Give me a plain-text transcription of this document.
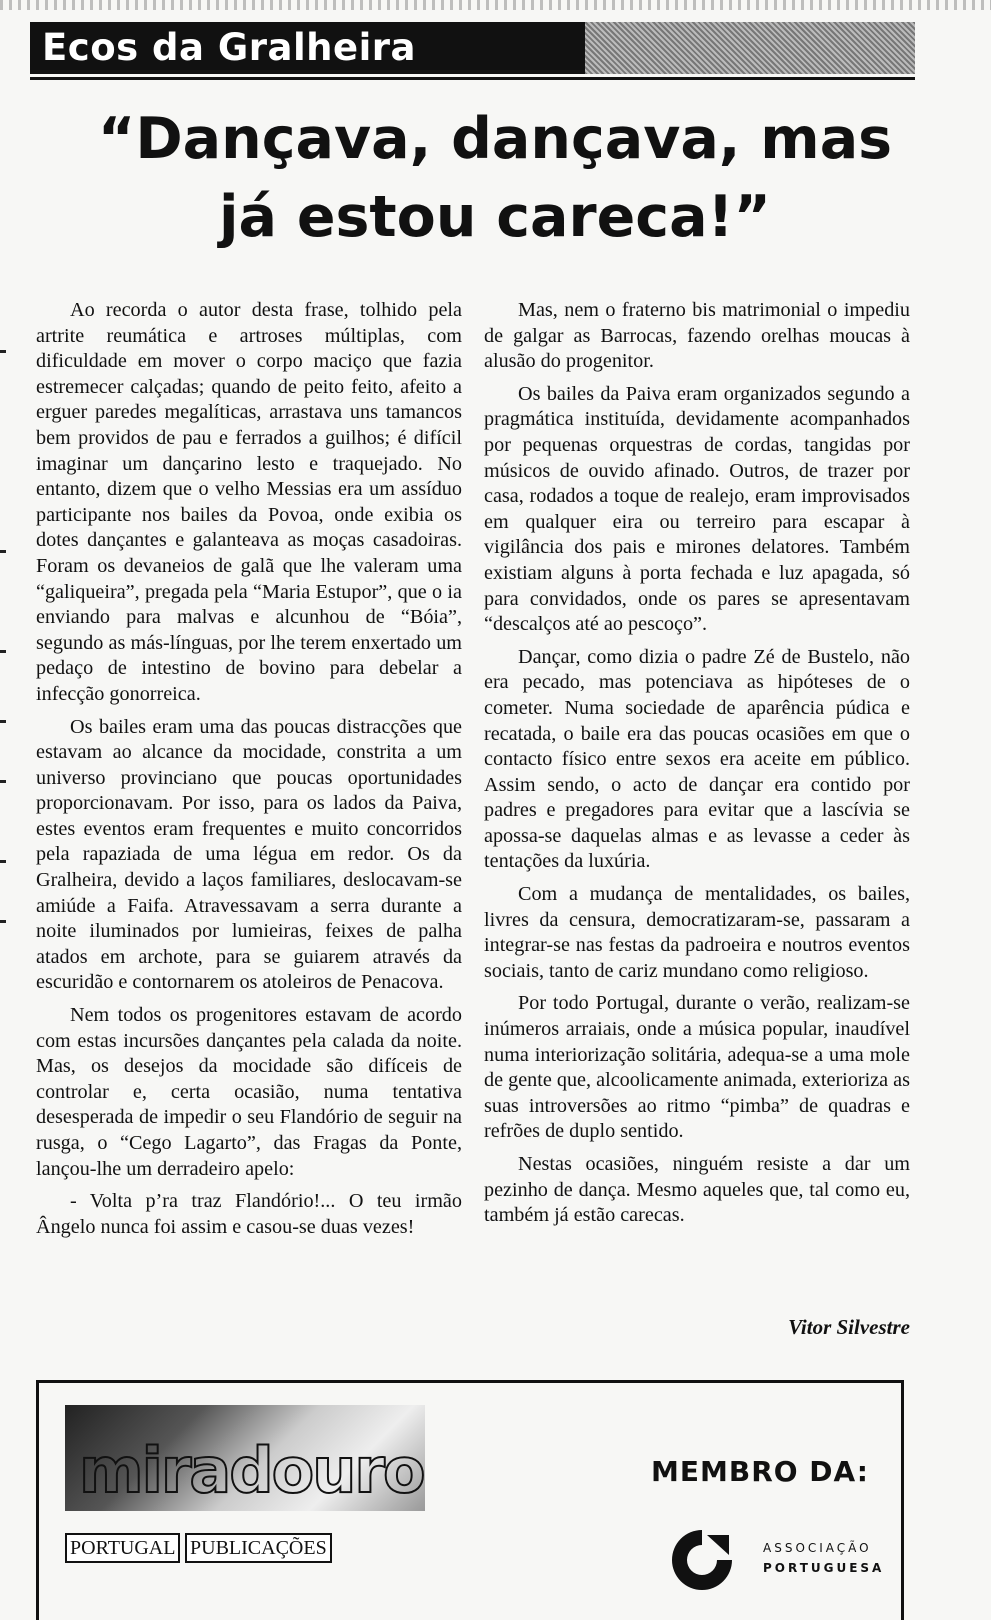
Ecos da Gralheira
“Dançava, dançava, mas
já estou careca!”

Ao recorda o autor desta frase, tolhido pela artrite reumática e artroses múltiplas, com dificuldade em mover o corpo maciço que fazia estremecer calçadas; quando de peito feito, afeito a erguer paredes megalíticas, arrastava uns tamancos bem providos de pau e ferrados a guilhos; é difícil imaginar um dançarino lesto e traquejado. No entanto, dizem que o velho Messias era um assíduo participante nos bailes da Povoa, onde exibia os dotes dançantes e galanteava as moças casadoiras. Foram os devaneios de galã que lhe valeram uma “galiqueira”, pregada pela “Maria Estupor”, que o ia enviando para malvas e alcunhou de “Bóia”, segundo as más-línguas, por lhe terem enxertado um pedaço de intestino de bovino para debelar a infecção gonorreica.

Os bailes eram uma das poucas distracções que estavam ao alcance da mocidade, constrita a um universo provinciano que poucas oportunidades proporcionavam. Por isso, para os lados da Paiva, estes eventos eram frequentes e muito concorridos pela rapaziada de uma légua em redor. Os da Gralheira, devido a laços familiares, deslocavam-se amiúde a Faifa. Atravessavam a serra durante a noite iluminados por lumieiras, feixes de palha atados em archote, para se guiarem através da escuridão e contornarem os atoleiros de Penacova.

Nem todos os progenitores estavam de acordo com estas incursões dançantes pela calada da noite. Mas, os desejos da mocidade são difíceis de controlar e, certa ocasião, numa tentativa desesperada de impedir o seu Flandório de seguir na rusga, o “Cego Lagarto”, das Fragas da Ponte, lançou-lhe um derradeiro apelo:

- Volta p’ra traz Flandório!... O teu irmão Ângelo nunca foi assim e casou-se duas vezes!

Mas, nem o fraterno bis matrimonial o impediu de galgar as Barrocas, fazendo orelhas moucas à alusão do progenitor.

Os bailes da Paiva eram organizados segundo a pragmática instituída, devidamente acompanhados por pequenas orquestras de cordas, tangidas por músicos de ouvido afinado. Outros, de trazer por casa, rodados a toque de realejo, eram improvisados em qualquer eira ou terreiro para escapar à vigilância dos pais e mirones delatores. Também existiam alguns à porta fechada e luz apagada, só para convidados, onde os pares se apresentavam “descalços até ao pescoço”.

Dançar, como dizia o padre Zé de Bustelo, não era pecado, mas potenciava as hipóteses de o cometer. Numa sociedade de aparência púdica e recatada, o baile era das poucas ocasiões em que o contacto físico entre sexos era aceite em público. Assim sendo, o acto de dançar era contido por padres e pregadores para evitar que a lascívia se apossa-se daquelas almas e as levasse a ceder às tentações da luxúria.

Com a mudança de mentalidades, os bailes, livres da censura, democratizaram-se, passaram a integrar-se nas festas da padroeira e noutros eventos sociais, tanto de cariz mundano como religioso.

Por todo Portugal, durante o verão, realizam-se inúmeros arraiais, onde a música popular, inaudível numa interiorização solitária, adequa-se a uma mole de gente que, alcoolicamente animada, exterioriza as suas introversões ao ritmo “pimba” de quadras e refrões de duplo sentido.

Nestas ocasiões, ninguém resiste a dar um pezinho de dança. Mesmo aqueles que, tal como eu, também já estão carecas.

Vitor Silvestre

miradouro

PORTUGAL PUBLICAÇÕES

MEMBRO DA:

ASSOCIAÇÃO

PORTUGUESA
